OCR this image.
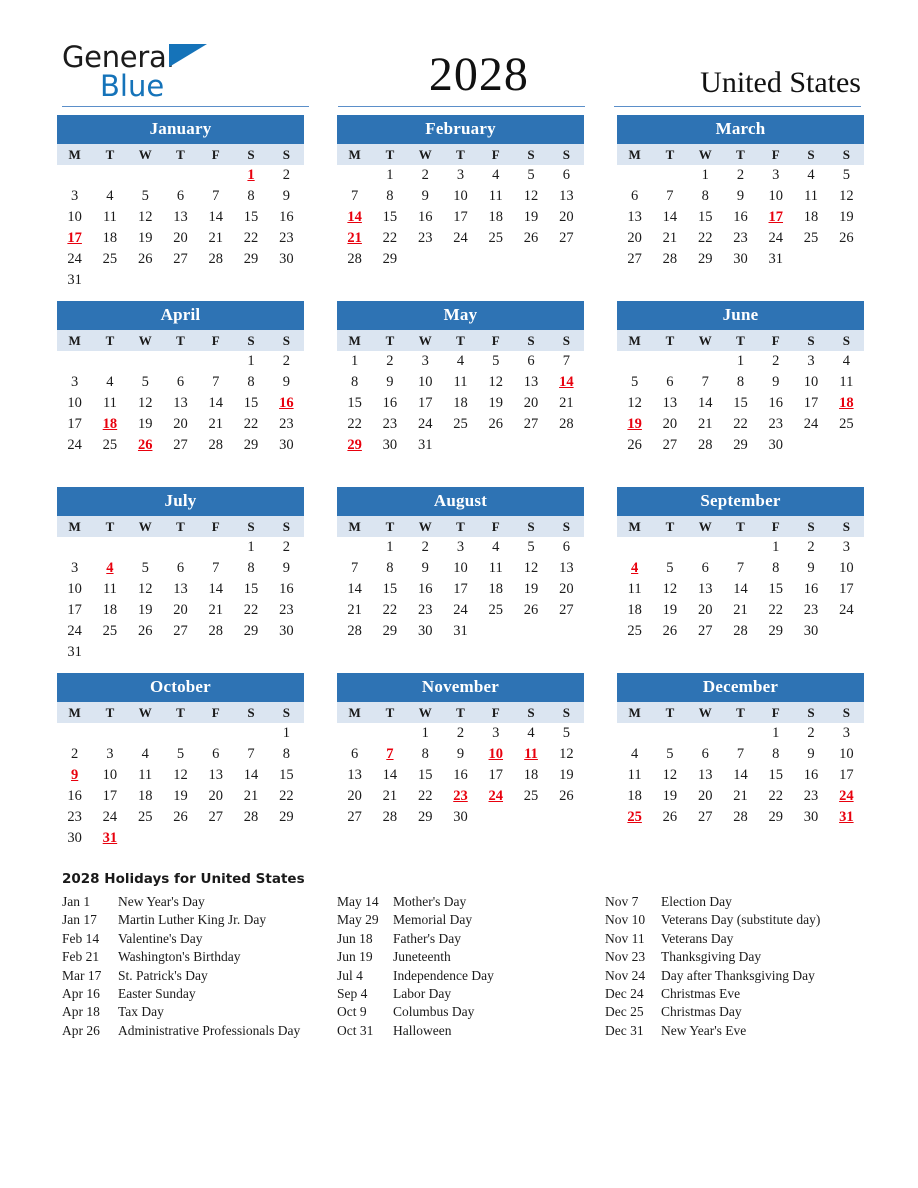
General
Blue	2028	United States
January
M	T	W	T	F	S	S
					1	2
3	4	5	6	7	8	9
10	11	12	13	14	15	16
17	18	19	20	21	22	23
24	25	26	27	28	29	30
31						
February
M	T	W	T	F	S	S
	1	2	3	4	5	6
7	8	9	10	11	12	13
14	15	16	17	18	19	20
21	22	23	24	25	26	27
28	29					
March
M	T	W	T	F	S	S
		1	2	3	4	5
6	7	8	9	10	11	12
13	14	15	16	17	18	19
20	21	22	23	24	25	26
27	28	29	30	31		
April
M	T	W	T	F	S	S
					1	2
3	4	5	6	7	8	9
10	11	12	13	14	15	16
17	18	19	20	21	22	23
24	25	26	27	28	29	30
May
M	T	W	T	F	S	S
1	2	3	4	5	6	7
8	9	10	11	12	13	14
15	16	17	18	19	20	21
22	23	24	25	26	27	28
29	30	31				
June
M	T	W	T	F	S	S
			1	2	3	4
5	6	7	8	9	10	11
12	13	14	15	16	17	18
19	20	21	22	23	24	25
26	27	28	29	30		
July
M	T	W	T	F	S	S
					1	2
3	4	5	6	7	8	9
10	11	12	13	14	15	16
17	18	19	20	21	22	23
24	25	26	27	28	29	30
31						
August
M	T	W	T	F	S	S
	1	2	3	4	5	6
7	8	9	10	11	12	13
14	15	16	17	18	19	20
21	22	23	24	25	26	27
28	29	30	31			
September
M	T	W	T	F	S	S
				1	2	3
4	5	6	7	8	9	10
11	12	13	14	15	16	17
18	19	20	21	22	23	24
25	26	27	28	29	30	
October
M	T	W	T	F	S	S
						1
2	3	4	5	6	7	8
9	10	11	12	13	14	15
16	17	18	19	20	21	22
23	24	25	26	27	28	29
30	31					
November
M	T	W	T	F	S	S
		1	2	3	4	5
6	7	8	9	10	11	12
13	14	15	16	17	18	19
20	21	22	23	24	25	26
27	28	29	30			
December
M	T	W	T	F	S	S
				1	2	3
4	5	6	7	8	9	10
11	12	13	14	15	16	17
18	19	20	21	22	23	24
25	26	27	28	29	30	31
2028 Holidays for United States
Jan 1	New Year's Day
Jan 17	Martin Luther King Jr. Day
Feb 14	Valentine's Day
Feb 21	Washington's Birthday
Mar 17	St. Patrick's Day
Apr 16	Easter Sunday
Apr 18	Tax Day
Apr 26	Administrative Professionals Day
May 14	Mother's Day
May 29	Memorial Day
Jun 18	Father's Day
Jun 19	Juneteenth
Jul 4	Independence Day
Sep 4	Labor Day
Oct 9	Columbus Day
Oct 31	Halloween
Nov 7	Election Day
Nov 10	Veterans Day (substitute day)
Nov 11	Veterans Day
Nov 23	Thanksgiving Day
Nov 24	Day after Thanksgiving Day
Dec 24	Christmas Eve
Dec 25	Christmas Day
Dec 31	New Year's Eve
